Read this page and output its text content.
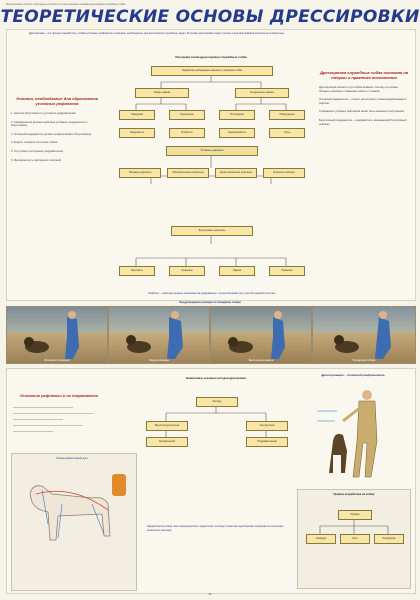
Методическое пособие. Наглядное пособие по теоретическим основам дрессировки служебных собак
ТЕОРЕТИЧЕСКИЕ ОСНОВЫ ДРЕССИРОВКИ
Дрессировка – это процесс выработки у собаки условных рефлексов и навыков, необходимых для выполнения служебных задач. В основе дрессировки лежит учение о высшей нервной деятельности животных.
Условия, необходимые для образования условных рефлексов
1. Наличие безусловного и условного раздражителей.
2. Совпадение во времени действия условного раздражителя с безусловным.
3. Условный раздражитель должен предшествовать безусловному.
4. Бодрое, активное состояние собаки.
5. Отсутствие посторонних раздражителей.
6. Многократность повторения сочетаний.
Основная схема дрессировки служебных собак
Выработка необходимых навыков у служебных собак
Общие навыки	Специальные навыки
Поведение	Подчинение	Послушание	Обнаружение
Уверенность	Злобность	Недоверчивость	Чутьё
Условные рефлексы
Пищевые рефлексы	Оборонительные рефлексы	Ориентировочные рефлексы	Рефлексы свободы
Безусловные рефлексы
Инстинкты	Рефлексы	Навыки	Привычки
Дрессировка служебных собак основана на теории и практике воспитания
Дрессировщик является для собаки вожаком, поэтому он должен обладать знаниями и навыками работы с собакой.
Условный раздражитель – сигнал, на который у собаки вырабатывается рефлекс.
Торможение условных рефлексов может быть внешним и внутренним.
Безусловный раздражитель – раздражитель, вызывающий безусловный рефлекс.
Рефлекс – ответная реакция организма на раздражение, осуществляемая при участии нервной системы
Предупреждение реакции на поведение собаки
Исходное положение	Подача команды	Выполнение навыка	Поощрение собаки
Условные рефлексы и их торможение
Схема рефлекторной дуги
Взаимосвязь основных методов дрессировки
Методы
Вкусопоощрительный	Контрастный
Механический	Подражательный
Каждый метод имеет свои преимущества и недостатки, поэтому в практике дрессировки применяется сочетание нескольких методов.
Дрессировщик – основной раздражитель
Приёмы воздействия на собаку
Приёмы
Команда	Жест	Поощрение
42
